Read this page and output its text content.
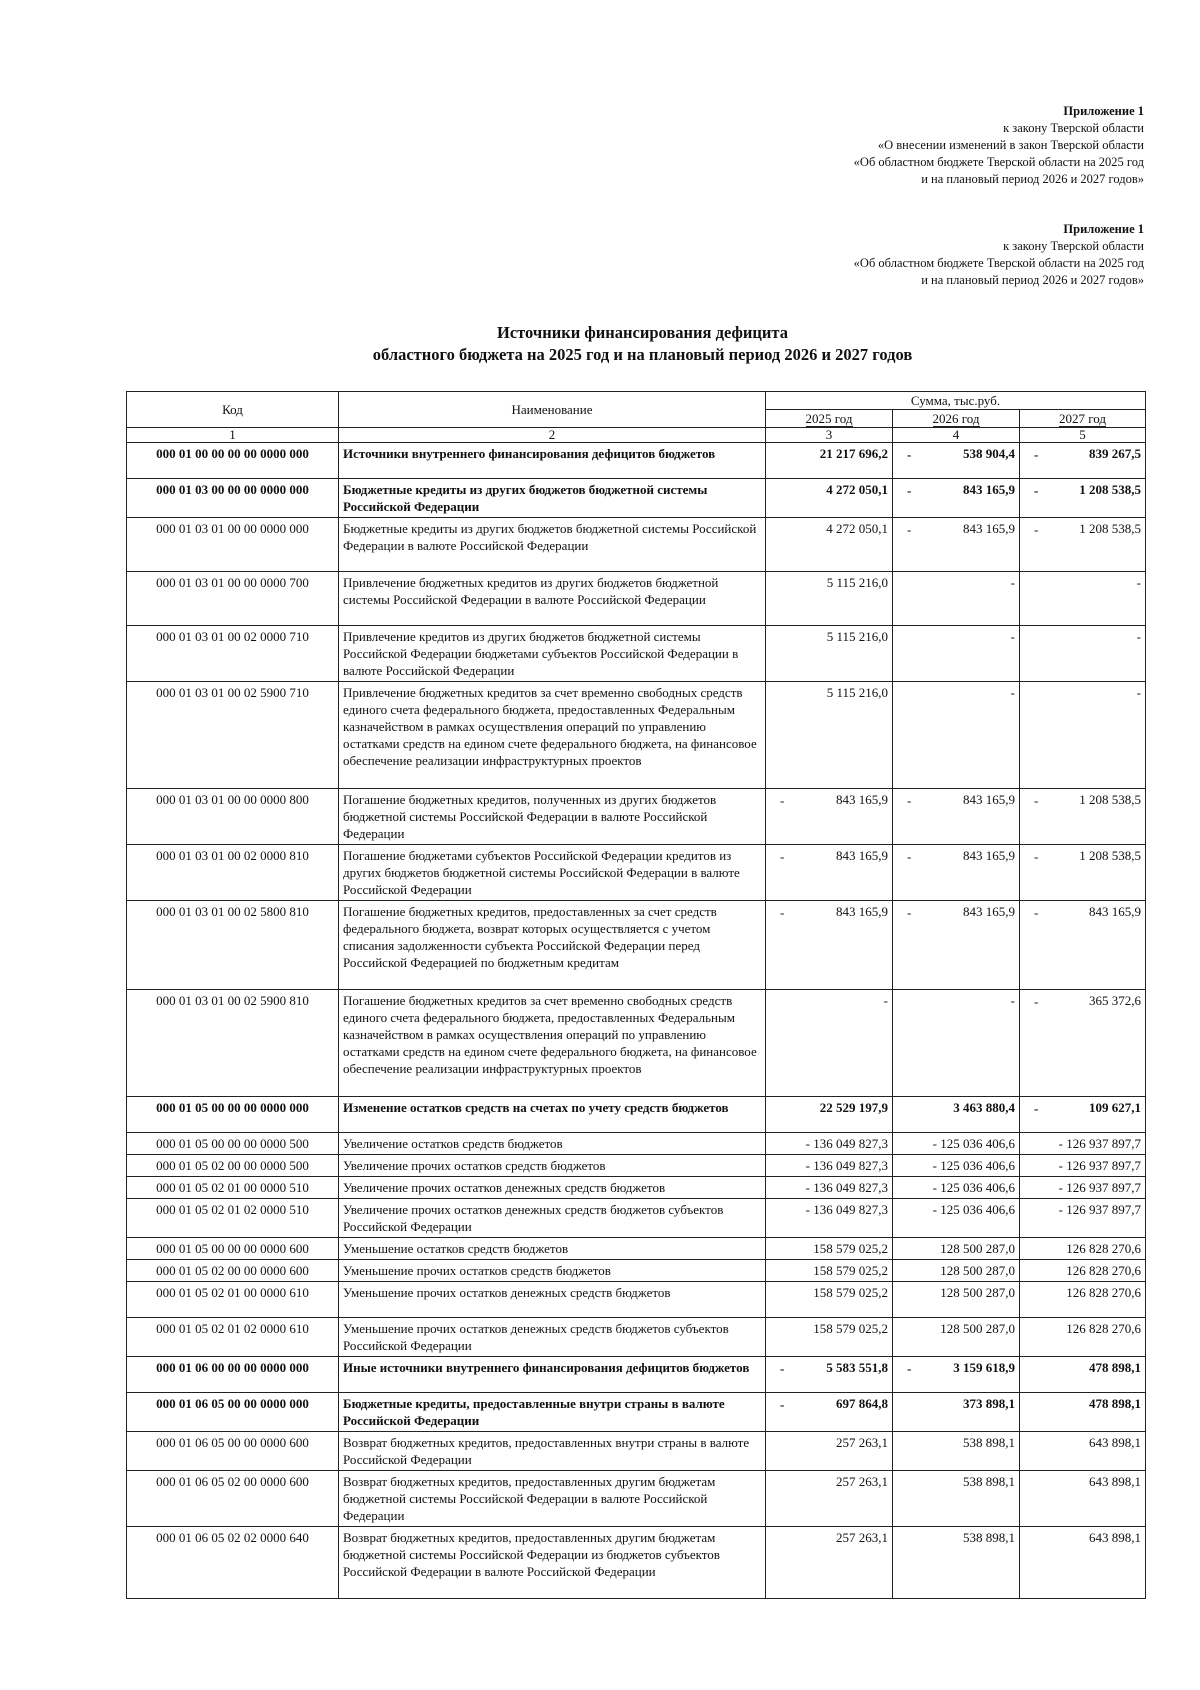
Приложение 1
к закону Тверской области
«О внесении изменений в закон Тверской области
«Об областном бюджете Тверской области на 2025 год
и на плановый период 2026 и 2027 годов»
Приложение 1
к закону Тверской области
«Об областном бюджете Тверской области на 2025 год
и на плановый период 2026 и 2027 годов»
Источники финансирования дефицита
областного бюджета на 2025 год и на плановый период 2026 и 2027 годов
Код	Наименование	Сумма, тыс.руб.		
		2025 год	2026 год	2027 год
1	2	3	4	5
000 01 00 00 00 00 0000 000	Источники внутреннего финансирования дефицитов бюджетов	21 217 696,2	- 538 904,4	- 839 267,5
000 01 03 00 00 00 0000 000	Бюджетные кредиты из других бюджетов бюджетной системы Российской Федерации	4 272 050,1	- 843 165,9	- 1 208 538,5
000 01 03 01 00 00 0000 000	Бюджетные кредиты из других бюджетов бюджетной системы Российской Федерации в валюте Российской Федерации	4 272 050,1	- 843 165,9	- 1 208 538,5
000 01 03 01 00 00 0000 700	Привлечение бюджетных кредитов из других бюджетов бюджетной системы Российской Федерации в валюте Российской Федерации	5 115 216,0	-	-
000 01 03 01 00 02 0000 710	Привлечение кредитов из других бюджетов бюджетной системы Российской Федерации бюджетами субъектов Российской Федерации в валюте Российской Федерации	5 115 216,0	-	-
000 01 03 01 00 02 5900 710	Привлечение бюджетных кредитов за счет временно свободных средств единого счета федерального бюджета, предоставленных Федеральным казначейством в рамках осуществления операций по управлению остатками средств на едином счете федерального бюджета, на финансовое обеспечение реализации инфраструктурных проектов	5 115 216,0	-	-
000 01 03 01 00 00 0000 800	Погашение бюджетных кредитов, полученных из других бюджетов бюджетной системы Российской Федерации в валюте Российской Федерации	- 843 165,9	- 843 165,9	- 1 208 538,5
000 01 03 01 00 02 0000 810	Погашение бюджетами субъектов Российской Федерации кредитов из других бюджетов бюджетной системы Российской Федерации в валюте Российской Федерации	- 843 165,9	- 843 165,9	- 1 208 538,5
000 01 03 01 00 02 5800 810	Погашение бюджетных кредитов, предоставленных за счет средств федерального бюджета, возврат которых осуществляется с учетом списания задолженности субъекта Российской Федерации перед Российской Федерацией по бюджетным кредитам	- 843 165,9	- 843 165,9	- 843 165,9
000 01 03 01 00 02 5900 810	Погашение бюджетных кредитов за счет временно свободных средств единого счета федерального бюджета, предоставленных Федеральным казначейством в рамках осуществления операций по управлению остатками средств на едином счете федерального бюджета, на финансовое обеспечение реализации инфраструктурных проектов	-	-	- 365 372,6
000 01 05 00 00 00 0000 000	Изменение остатков средств на счетах по учету средств бюджетов	22 529 197,9	3 463 880,4	- 109 627,1
000 01 05 00 00 00 0000 500	Увеличение остатков средств бюджетов	- 136 049 827,3	- 125 036 406,6	- 126 937 897,7
000 01 05 02 00 00 0000 500	Увеличение прочих остатков средств бюджетов	- 136 049 827,3	- 125 036 406,6	- 126 937 897,7
000 01 05 02 01 00 0000 510	Увеличение прочих остатков денежных средств бюджетов	- 136 049 827,3	- 125 036 406,6	- 126 937 897,7
000 01 05 02 01 02 0000 510	Увеличение прочих остатков денежных средств бюджетов субъектов Российской Федерации	- 136 049 827,3	- 125 036 406,6	- 126 937 897,7
000 01 05 00 00 00 0000 600	Уменьшение остатков средств бюджетов	158 579 025,2	128 500 287,0	126 828 270,6
000 01 05 02 00 00 0000 600	Уменьшение прочих остатков средств бюджетов	158 579 025,2	128 500 287,0	126 828 270,6
000 01 05 02 01 00 0000 610	Уменьшение прочих остатков денежных средств бюджетов	158 579 025,2	128 500 287,0	126 828 270,6
000 01 05 02 01 02 0000 610	Уменьшение прочих остатков денежных средств бюджетов субъектов Российской Федерации	158 579 025,2	128 500 287,0	126 828 270,6
000 01 06 00 00 00 0000 000	Иные источники внутреннего финансирования дефицитов бюджетов	- 5 583 551,8	- 3 159 618,9	478 898,1
000 01 06 05 00 00 0000 000	Бюджетные кредиты, предоставленные внутри страны в валюте Российской Федерации	- 697 864,8	373 898,1	478 898,1
000 01 06 05 00 00 0000 600	Возврат бюджетных кредитов, предоставленных внутри страны в валюте Российской Федерации	257 263,1	538 898,1	643 898,1
000 01 06 05 02 00 0000 600	Возврат бюджетных кредитов, предоставленных другим бюджетам бюджетной системы Российской Федерации в валюте Российской Федерации	257 263,1	538 898,1	643 898,1
000 01 06 05 02 02 0000 640	Возврат бюджетных кредитов, предоставленных другим бюджетам бюджетной системы Российской Федерации из бюджетов субъектов Российской Федерации в валюте Российской Федерации	257 263,1	538 898,1	643 898,1
